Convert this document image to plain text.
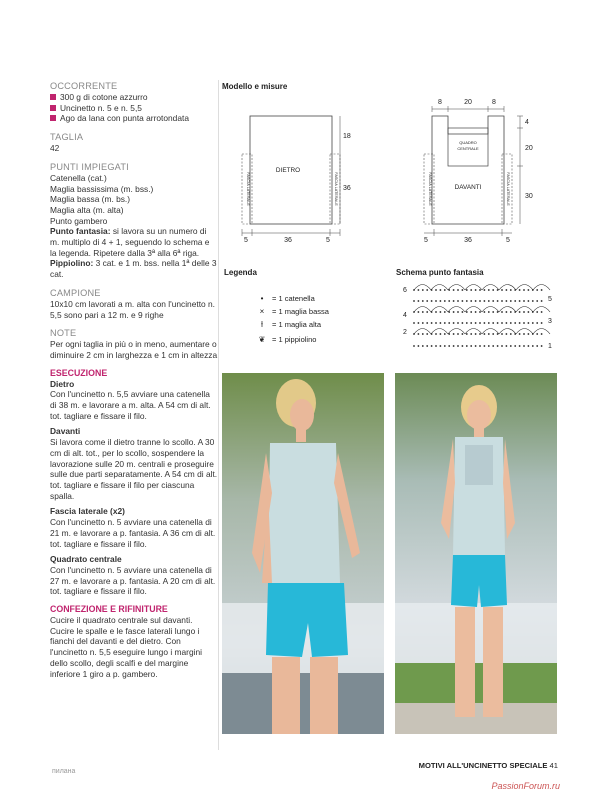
OCCORRENTE
300 g di cotone azzurro
Uncinetto n. 5 e n. 5,5
Ago da lana con punta arrotondata
TAGLIA
42
PUNTI IMPIEGATI
Catenella (cat.)
Maglia bassissima (m. bss.)
Maglia bassa (m. bs.)
Maglia alta (m. alta)
Punto gambero
Punto fantasia: si lavora su un numero di m. multiplo di 4 + 1, seguendo lo schema e la legenda. Ripetere dalla 3ª alla 6ª riga.
Pippiolino: 3 cat. e 1 m. bss. nella 1ª delle 3 cat.
CAMPIONE
10x10 cm lavorati a m. alta con l'uncinetto n. 5,5 sono pari a 12 m. e 9 righe
NOTE
Per ogni taglia in più o in meno, aumentare o diminuire 2 cm in larghezza e 1 cm in altezza
ESECUZIONE
Dietro
Con l'uncinetto n. 5,5 avviare una catenella di 38 m. e lavorare a m. alta. A 54 cm di alt. tot. tagliare e fissare il filo.
Davanti
Si lavora come il dietro tranne lo scollo. A 30 cm di alt. tot., per lo scollo, sospendere la lavorazione sulle 20 m. centrali e proseguire sulle due parti separatamente. A 54 cm di alt. tot. tagliare e fissare il filo per ciascuna spalla.
Fascia laterale (x2)
Con l'uncinetto n. 5 avviare una catenella di 21 m. e lavorare a p. fantasia. A 36 cm di alt. tot. tagliare e fissare il filo.
Quadrato centrale
Con l'uncinetto n. 5 avviare una catenella di 27 m. e lavorare a p. fantasia. A 20 cm di alt. tot. tagliare e fissare il filo.
CONFEZIONE E RIFINITURE
Cucire il quadrato centrale sul davanti. Cucire le spalle e le fasce laterali lungo i fianchi del davanti e del dietro. Con l'uncinetto n. 5,5 eseguire lungo i margini dello scollo, degli scalfi e del margine inferiore 1 giro a p. gambero.
Modello e misure
DIETRO
FASCIA LATERALE	FASCIA LATERALE
5	36	5
18
36
QUADRO
CENTRALE
DAVANTI
FASCIA LATERALE	FASCIA LATERALE
8	20	8
4
20
30
5	36	5
Legenda
•	= 1 catenella
×	= 1 maglia bassa
ƚ	= 1 maglia alta
❦ = 1 pippiolino
Schema punto fantasia
6
4
2
5
3
1
пилана
MOTIVI ALL'UNCINETTO SPECIALE 41
PassionForum.ru
